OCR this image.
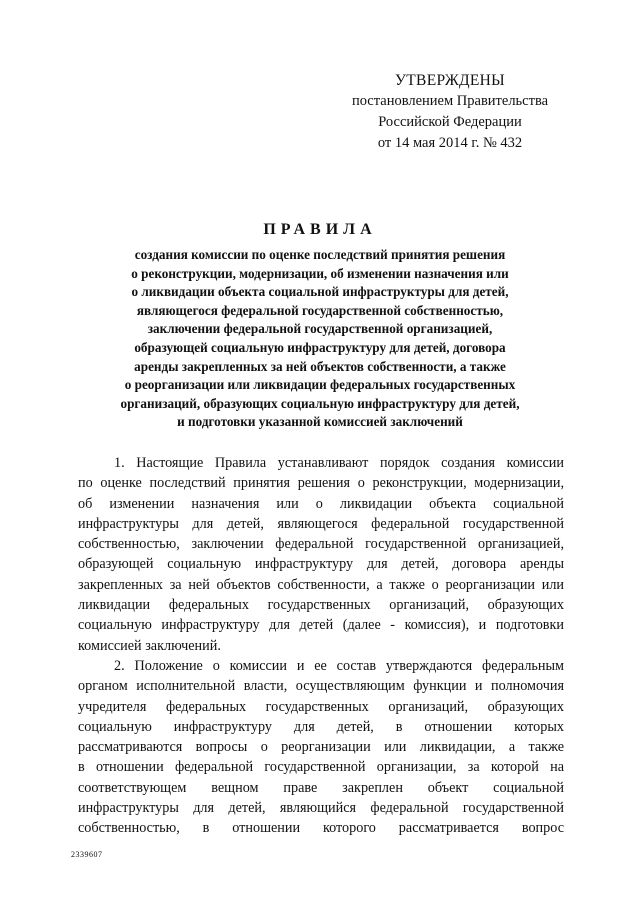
УТВЕРЖДЕНЫ
постановлением Правительства
Российской Федерации
от 14 мая 2014 г. № 432
ПРАВИЛА
создания комиссии по оценке последствий принятия решения
о реконструкции, модернизации, об изменении назначения или
о ликвидации объекта социальной инфраструктуры для детей,
являющегося федеральной государственной собственностью,
заключении федеральной государственной организацией,
образующей социальную инфраструктуру для детей, договора
аренды закрепленных за ней объектов собственности, а также
о реорганизации или ликвидации федеральных государственных
организаций, образующих социальную инфраструктуру для детей,
и подготовки указанной комиссией заключений
1. Настоящие Правила устанавливают порядок создания комиссии
по оценке последствий принятия решения о реконструкции, модернизации,
об изменении назначения или о ликвидации объекта социальной
инфраструктуры для детей, являющегося федеральной государственной
собственностью, заключении федеральной государственной организацией,
образующей социальную инфраструктуру для детей, договора аренды
закрепленных за ней объектов собственности, а также о реорганизации или
ликвидации федеральных государственных организаций, образующих
социальную инфраструктуру для детей (далее - комиссия), и подготовки
комиссией заключений.
2. Положение о комиссии и ее состав утверждаются федеральным
органом исполнительной власти, осуществляющим функции и полномочия
учредителя федеральных государственных организаций, образующих
социальную инфраструктуру для детей, в отношении которых
рассматриваются вопросы о реорганизации или ликвидации, а также
в отношении федеральной государственной организации, за которой на
соответствующем вещном праве закреплен объект социальной
инфраструктуры для детей, являющийся федеральной государственной
собственностью, в отношении которого рассматривается вопрос
2339607
